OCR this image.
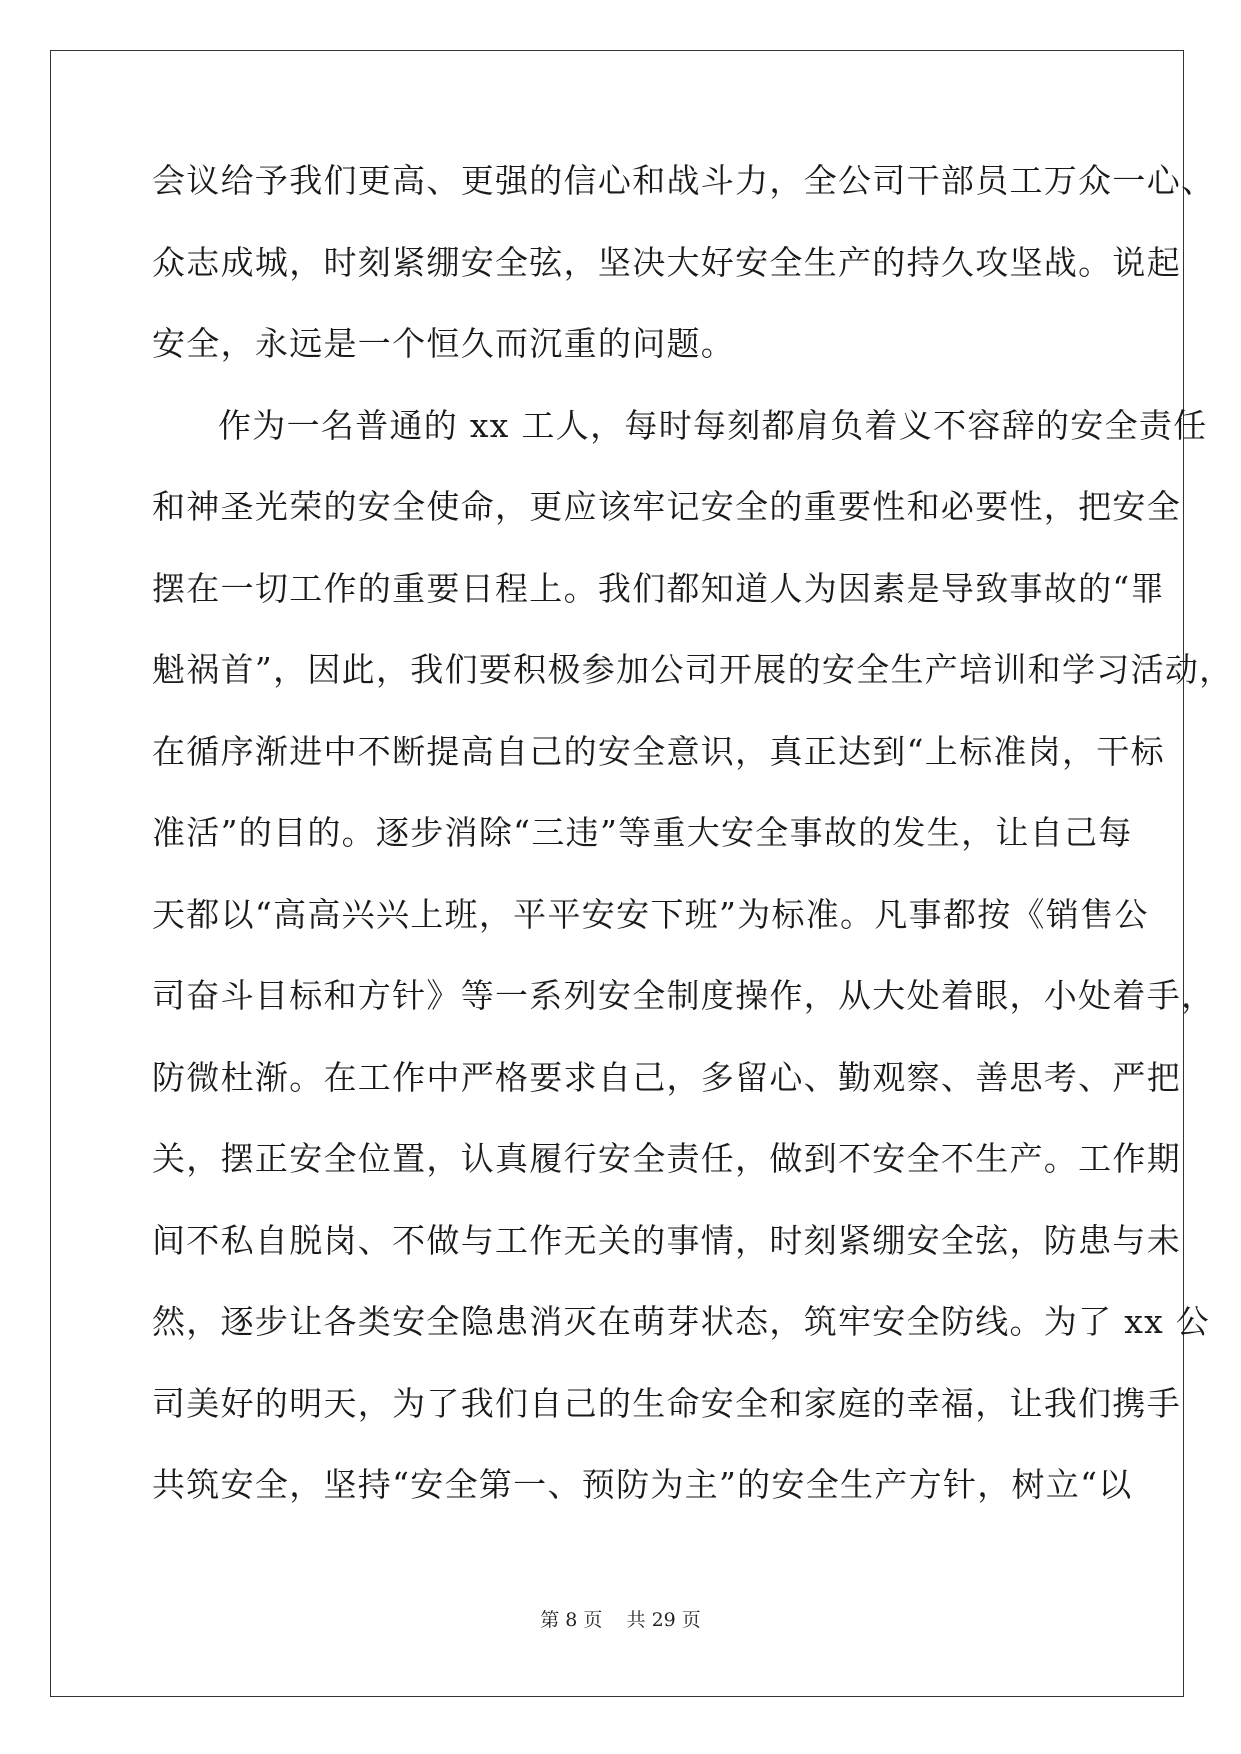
会议给予我们更高、更强的信心和战斗力，全公司干部员工万众一心、
众志成城，时刻紧绷安全弦，坚决大好安全生产的持久攻坚战。说起
安全，永远是一个恒久而沉重的问题。
作为一名普通的 xx 工人，每时每刻都肩负着义不容辞的安全责任
和神圣光荣的安全使命，更应该牢记安全的重要性和必要性，把安全
摆在一切工作的重要日程上。我们都知道人为因素是导致事故的“罪
魁祸首”，因此，我们要积极参加公司开展的安全生产培训和学习活动，
在循序渐进中不断提高自己的安全意识，真正达到“上标准岗，干标
准活”的目的。逐步消除“三违”等重大安全事故的发生，让自己每
天都以“高高兴兴上班，平平安安下班”为标准。凡事都按《销售公
司奋斗目标和方针》等一系列安全制度操作，从大处着眼，小处着手，
防微杜渐。在工作中严格要求自己，多留心、勤观察、善思考、严把
关，摆正安全位置，认真履行安全责任，做到不安全不生产。工作期
间不私自脱岗、不做与工作无关的事情，时刻紧绷安全弦，防患与未
然，逐步让各类安全隐患消灭在萌芽状态，筑牢安全防线。为了 xx 公
司美好的明天，为了我们自己的生命安全和家庭的幸福，让我们携手
共筑安全，坚持“安全第一、预防为主”的安全生产方针，树立“以
第 8 页    共 29 页
